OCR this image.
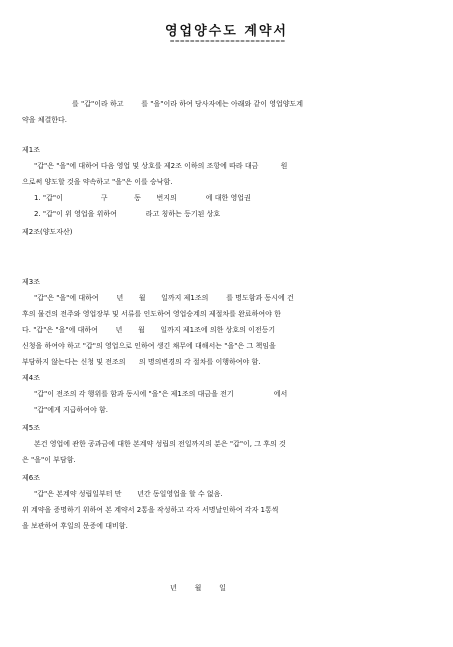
영업양수도 계약서
=======================
를 "갑"이라 하고        를 "을"이라 하여 당사자에는 아래와 같이 영업양도계
약을 체결한다.
제1조
"갑"은 "을"에 대하여 다음 영업 및 상호를 제2조 이하의 조항에 따라 대금          원
으로써 양도할 것을 약속하고 "을"은 이를 승낙함.
1. "갑"이                 구            동       번지의             에 대한 영업권
2. "갑"이 위 영업을 위하여             라고 칭하는 등기된 상호
제2조(양도자산)
제3조
"갑"은 "을"에 대하여        년       월       일까지 제1조의        를 명도함과 동시에 건
후의 물건의 전주와 영업장부 및 서류를 인도하여 영업승계의 제절차를 완료하여야 한
다. "갑"은 "을"에 대하여        년       월       일까지 제1조에 의한 상호의 이전등기
신청을 하여야 하고 "갑"의 영업으로 인하여 생긴 채무에 대해서는 "을"은 그 책임을
부담하지 않는다는 신청 및 전조의      의 명의변경의 각 절차를 이행하여야 함.
제4조
"갑"이 전조의 각 행위를 함과 동시에 "을"은 제1조의 대금을 전기                  에서
"갑"에게 지급하여야 함.
제5조
본건 영업에 관한 공과금에 대한 본계약 성립의 전일까지의 분은 "갑"이, 그 후의 것
은 "을"이 부담함.
제6조
"갑"은 본계약 성립일부터 만       년간 동일영업을 할 수 없음.
위 계약을 증명하기 위하여 본 계약서 2통을 작성하고 각자 서명날인하여 각자 1통씩
을 보관하여 후일의 문증에 대비함.
년        월        일
